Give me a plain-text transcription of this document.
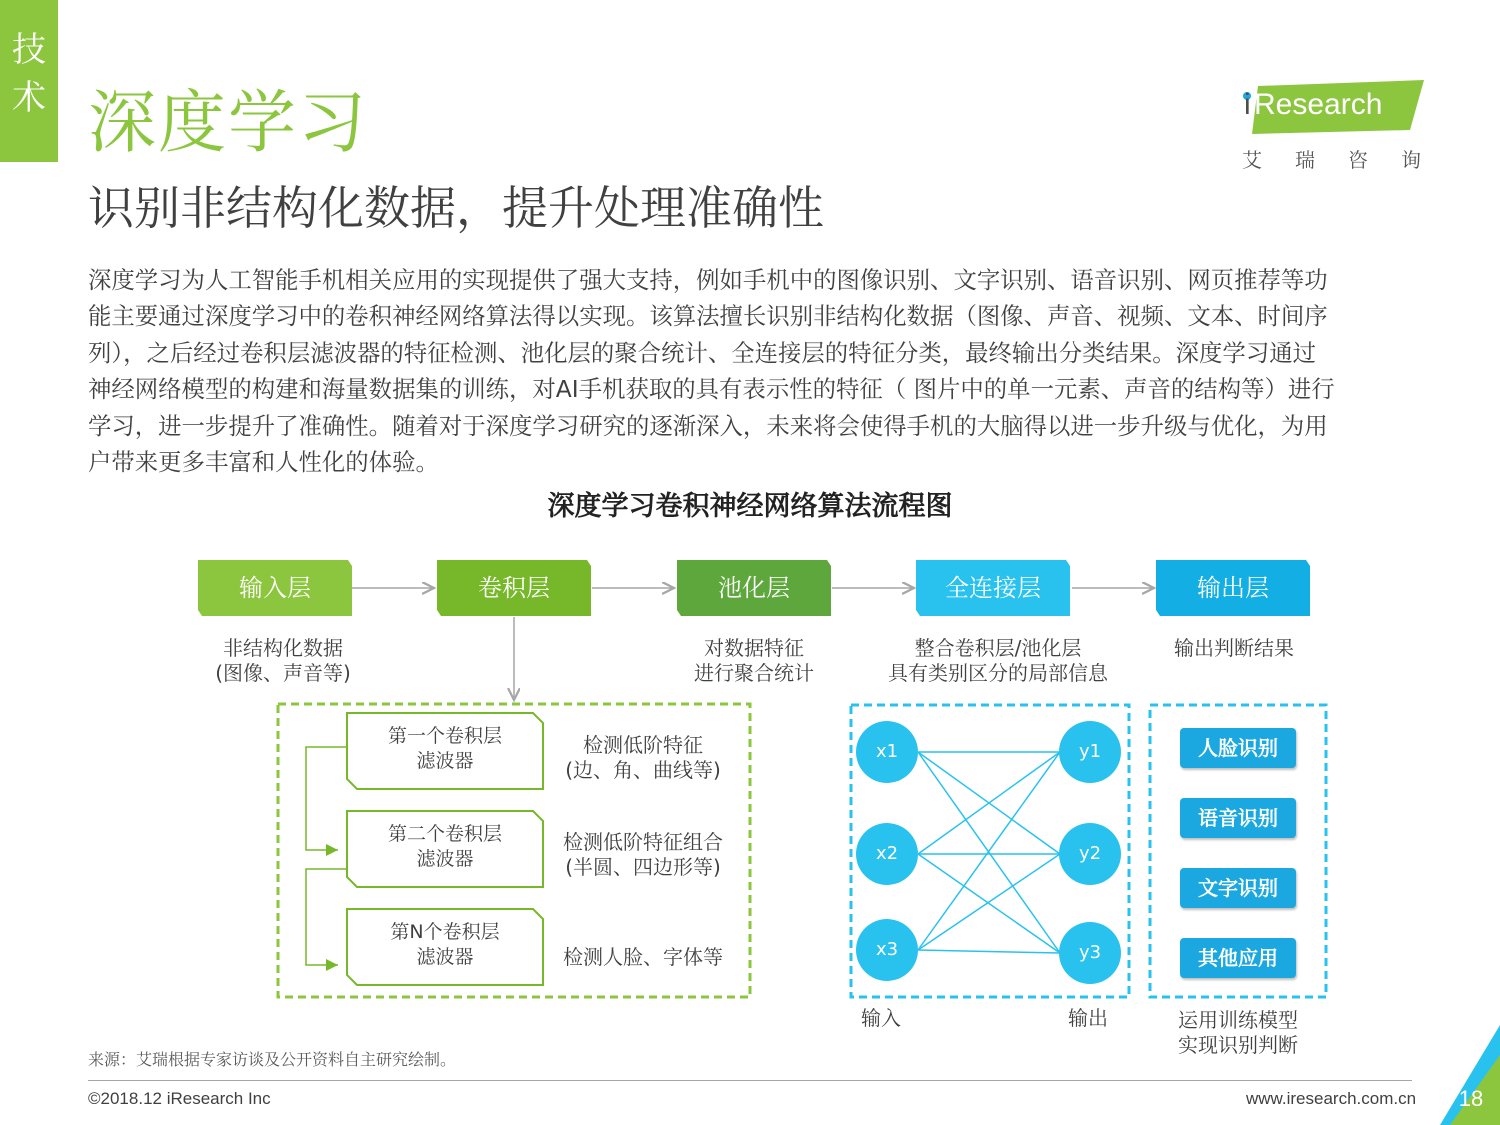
技
术 深度学习
识别非结构化数据，提升处理准确性
i Research
艾瑞咨询
深度学习为人工智能手机相关应用的实现提供了强大支持，例如手机中的图像识别、文字识别、语音识别、网页推荐等功
能主要通过深度学习中的卷积神经网络算法得以实现。该算法擅长识别非结构化数据（图像、声音、视频、文本、时间序
列），之后经过卷积层滤波器的特征检测、池化层的聚合统计、全连接层的特征分类，最终输出分类结果。深度学习通过
神经网络模型的构建和海量数据集的训练，对AI手机获取的具有表示性的特征（ 图片中的单一元素、声音的结构等）进行
学习，进一步提升了准确性。随着对于深度学习研究的逐渐深入，未来将会使得手机的大脑得以进一步升级与优化，为用
户带来更多丰富和人性化的体验。
深度学习卷积神经网络算法流程图
输入层	卷积层	池化层	全连接层	输出层
非结构化数据
(图像、声音等)
对数据特征
进行聚合统计
整合卷积层/池化层
具有类别区分的局部信息
输出判断结果
第一个卷积层
滤波器
第二个卷积层
滤波器
第N个卷积层
滤波器
检测低阶特征
(边、角、曲线等)
检测低阶特征组合
(半圆、四边形等)
检测人脸、字体等
x1
x2
x3
y1
y2
y3
输入	输出
人脸识别
语音识别
文字识别
其他应用
运用训练模型
实现识别判断
来源：艾瑞根据专家访谈及公开资料自主研究绘制。
©2018.12 iResearch Inc	www.iresearch.com.cn	18
